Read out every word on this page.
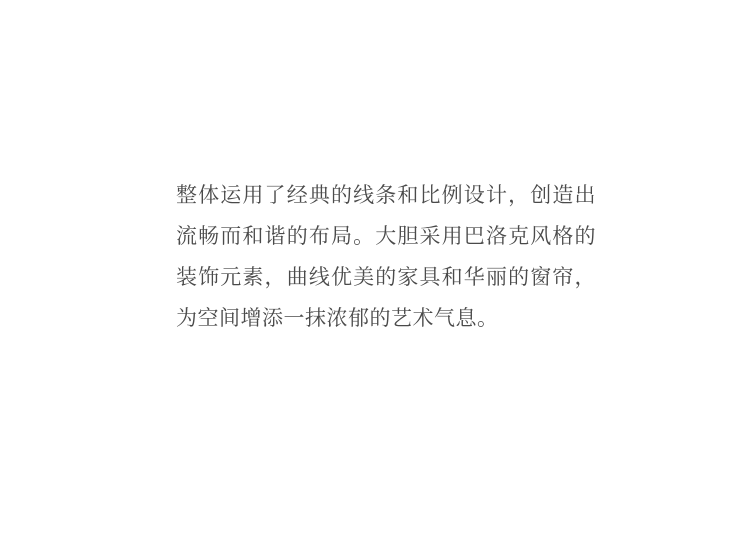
整体运用了经典的线条和比例设计，创造出流畅而和谐的布局。大胆采用巴洛克风格的装饰元素，曲线优美的家具和华丽的窗帘，为空间增添一抹浓郁的艺术气息。
